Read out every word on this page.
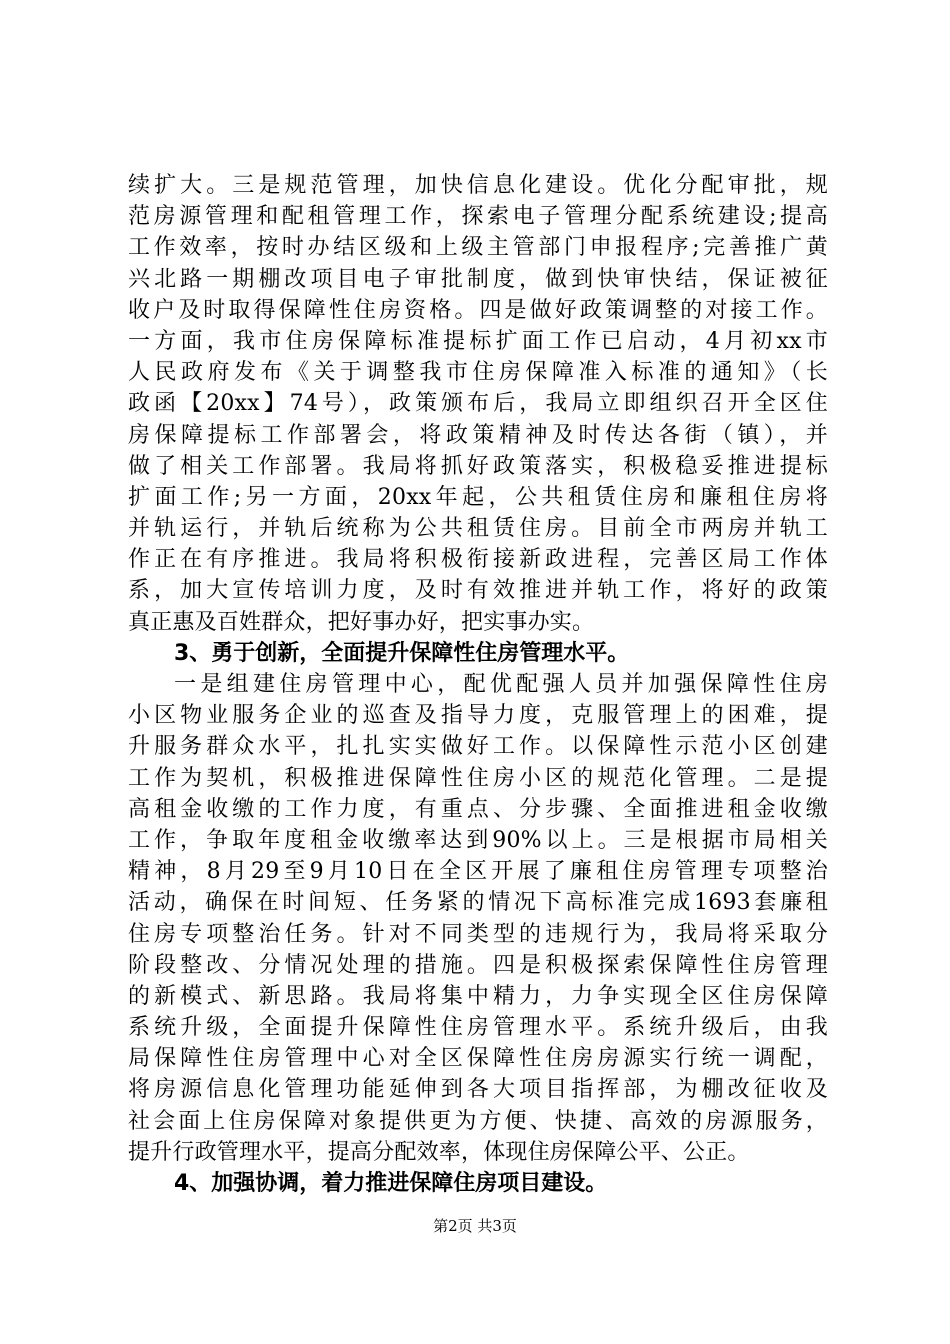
续扩大。三是规范管理，加快信息化建设。优化分配审批，规
范房源管理和配租管理工作，探索电子管理分配系统建设;提高
工作效率，按时办结区级和上级主管部门申报程序;完善推广黄
兴北路一期棚改项目电子审批制度，做到快审快结，保证被征
收户及时取得保障性住房资格。四是做好政策调整的对接工作。
一方面，我市住房保障标准提标扩面工作已启动，4月初xx市
人民政府发布《关于调整我市住房保障准入标准的通知》（长
政函【20xx】74号），政策颁布后，我局立即组织召开全区住
房保障提标工作部署会，将政策精神及时传达各街（镇），并
做了相关工作部署。我局将抓好政策落实，积极稳妥推进提标
扩面工作;另一方面，20xx年起，公共租赁住房和廉租住房将
并轨运行，并轨后统称为公共租赁住房。目前全市两房并轨工
作正在有序推进。我局将积极衔接新政进程，完善区局工作体
系，加大宣传培训力度，及时有效推进并轨工作，将好的政策
真正惠及百姓群众，把好事办好，把实事办实。
3、勇于创新，全面提升保障性住房管理水平。
一是组建住房管理中心，配优配强人员并加强保障性住房
小区物业服务企业的巡查及指导力度，克服管理上的困难，提
升服务群众水平，扎扎实实做好工作。以保障性示范小区创建
工作为契机，积极推进保障性住房小区的规范化管理。二是提
高租金收缴的工作力度，有重点、分步骤、全面推进租金收缴
工作，争取年度租金收缴率达到90%以上。三是根据市局相关
精神，8月29至9月10日在全区开展了廉租住房管理专项整治
活动，确保在时间短、任务紧的情况下高标准完成1693套廉租
住房专项整治任务。针对不同类型的违规行为，我局将采取分
阶段整改、分情况处理的措施。四是积极探索保障性住房管理
的新模式、新思路。我局将集中精力，力争实现全区住房保障
系统升级，全面提升保障性住房管理水平。系统升级后，由我
局保障性住房管理中心对全区保障性住房房源实行统一调配，
将房源信息化管理功能延伸到各大项目指挥部，为棚改征收及
社会面上住房保障对象提供更为方便、快捷、高效的房源服务，
提升行政管理水平，提高分配效率，体现住房保障公平、公正。
4、加强协调，着力推进保障住房项目建设。
第2页 共3页
